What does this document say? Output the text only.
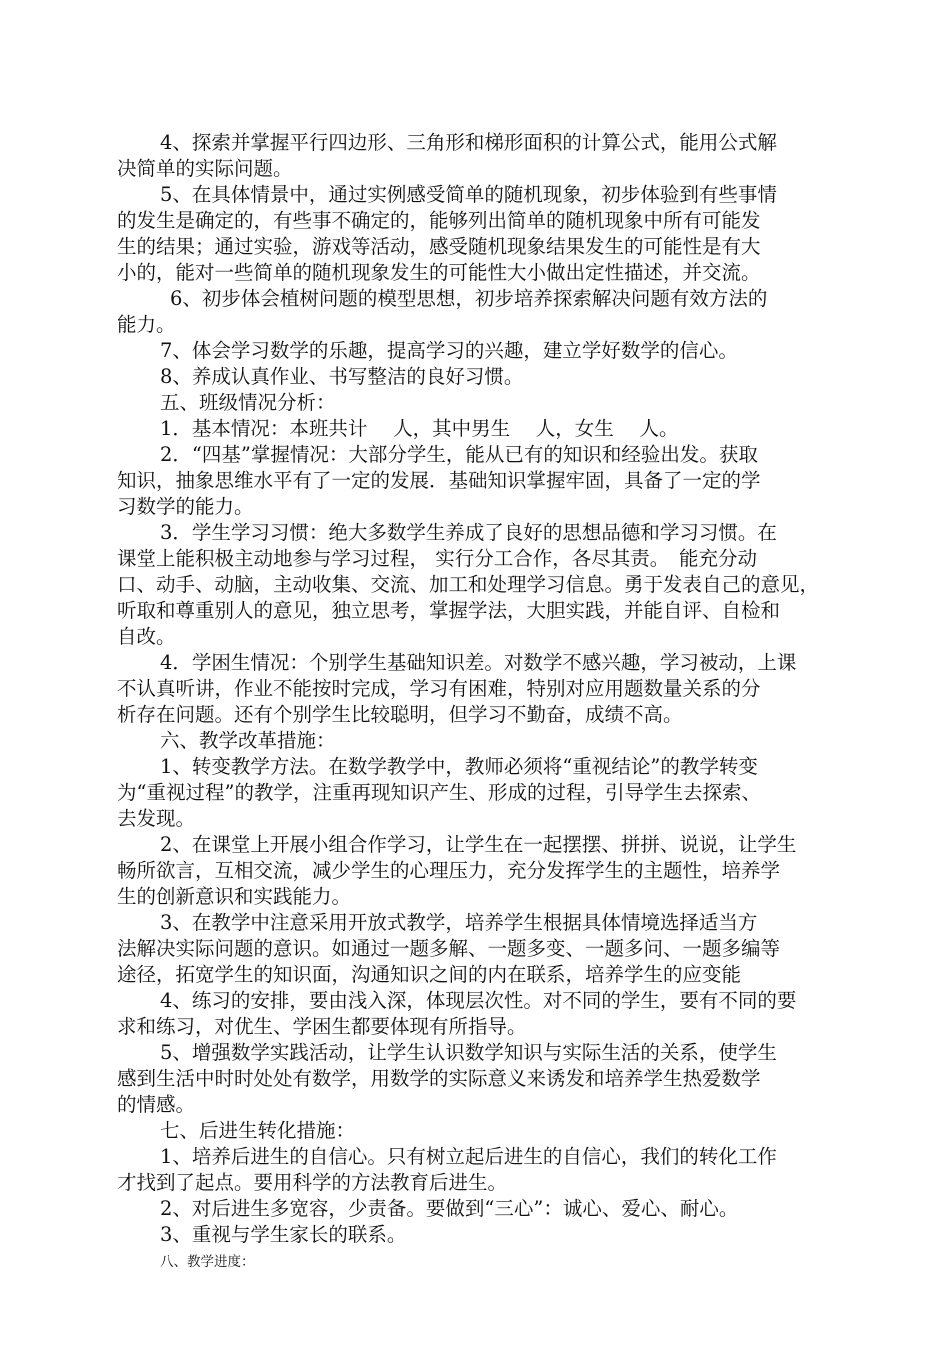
4、探索并掌握平行四边形、三角形和梯形面积的计算公式，能用公式解
决简单的实际问题。
5、在具体情景中，通过实例感受简单的随机现象，初步体验到有些事情
的发生是确定的，有些事不确定的，能够列出简单的随机现象中所有可能发
生的结果；通过实验，游戏等活动，感受随机现象结果发生的可能性是有大
小的，能对一些简单的随机现象发生的可能性大小做出定性描述，并交流。
6、初步体会植树问题的模型思想，初步培养探索解决问题有效方法的
能力。
7、体会学习数学的乐趣，提高学习的兴趣，建立学好数学的信心。
8、养成认真作业、书写整洁的良好习惯。
五、班级情况分析：
1．基本情况：本班共计　 人，其中男生　 人，女生　 人。
2．“四基”掌握情况：大部分学生，能从已有的知识和经验出发。获取
知识，抽象思维水平有了一定的发展．基础知识掌握牢固，具备了一定的学
习数学的能力。
3．学生学习习惯：绝大多数学生养成了良好的思想品德和学习习惯。在
课堂上能积极主动地参与学习过程， 实行分工合作，各尽其责。　能充分动
口、动手、动脑，主动收集、交流、加工和处理学习信息。勇于发表自己的意见，
听取和尊重别人的意见，独立思考，掌握学法，大胆实践，并能自评、自检和
自改。
4．学困生情况：个别学生基础知识差。对数学不感兴趣，学习被动，上课
不认真听讲，作业不能按时完成，学习有困难，特别对应用题数量关系的分
析存在问题。还有个别学生比较聪明，但学习不勤奋，成绩不高。
六、教学改革措施：
1、转变教学方法。在数学教学中，教师必须将“重视结论”的教学转变
为“重视过程”的教学，注重再现知识产生、形成的过程，引导学生去探索、
去发现。
2、在课堂上开展小组合作学习，让学生在一起摆摆、拼拼、说说，让学生
畅所欲言，互相交流，减少学生的心理压力，充分发挥学生的主题性，培养学
生的创新意识和实践能力。
3、在教学中注意采用开放式教学，培养学生根据具体情境选择适当方
法解决实际问题的意识。如通过一题多解、一题多变、一题多问、一题多编等
途径，拓宽学生的知识面，沟通知识之间的内在联系，培养学生的应变能
4、练习的安排，要由浅入深，体现层次性。对不同的学生，要有不同的要
求和练习，对优生、学困生都要体现有所指导。
5、增强数学实践活动，让学生认识数学知识与实际生活的关系，使学生
感到生活中时时处处有数学，用数学的实际意义来诱发和培养学生热爱数学
的情感。
七、后进生转化措施：
1、培养后进生的自信心。只有树立起后进生的自信心，我们的转化工作
才找到了起点。要用科学的方法教育后进生。
2、对后进生多宽容，少责备。要做到“三心”：诚心、爱心、耐心。
3、重视与学生家长的联系。
八、教学进度：
